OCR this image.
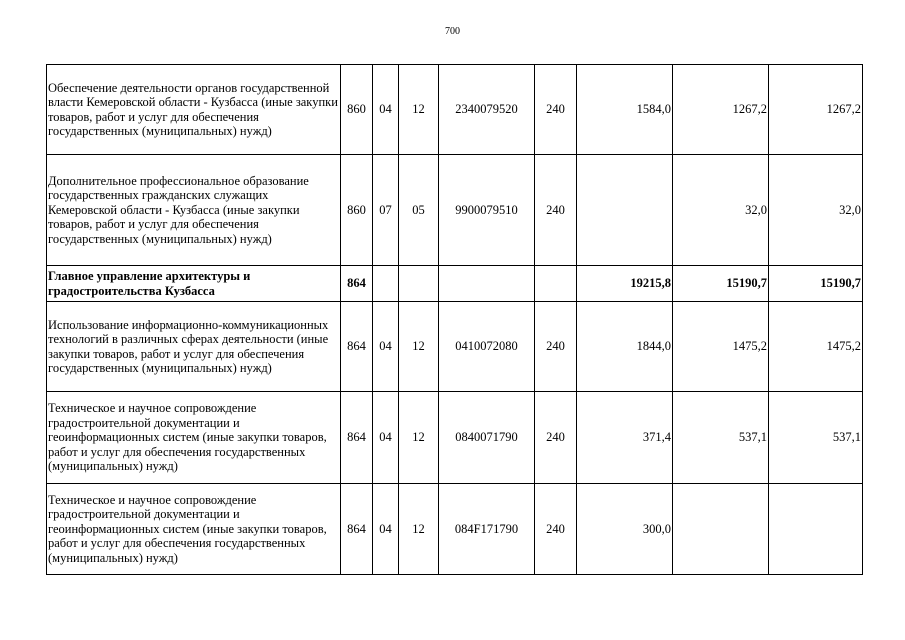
700
Обеспечение деятельности органов государственной власти Кемеровской области - Кузбасса (иные закупки товаров, работ и услуг для обеспечения государственных (муниципальных) нужд)	860	04	12	2340079520	240	1584,0	1267,2	1267,2
Дополнительное профессиональное образование государственных гражданских служащих Кемеровской области - Кузбасса (иные закупки товаров, работ и услуг для обеспечения государственных (муниципальных) нужд)	860	07	05	9900079510	240		32,0	32,0
Главное управление архитектуры и градостроительства Кузбасса	864					19215,8	15190,7	15190,7
Использование информационно-коммуникационных технологий в различных сферах деятельности (иные закупки товаров, работ и услуг для обеспечения государственных (муниципальных) нужд)	864	04	12	0410072080	240	1844,0	1475,2	1475,2
Техническое и научное сопровождение градостроительной документации и геоинформационных систем (иные закупки товаров, работ и услуг для обеспечения государственных (муниципальных) нужд)	864	04	12	0840071790	240	371,4	537,1	537,1
Техническое и научное сопровождение градостроительной документации и геоинформационных систем (иные закупки товаров, работ и услуг для обеспечения государственных (муниципальных) нужд)	864	04	12	084F171790	240	300,0		
